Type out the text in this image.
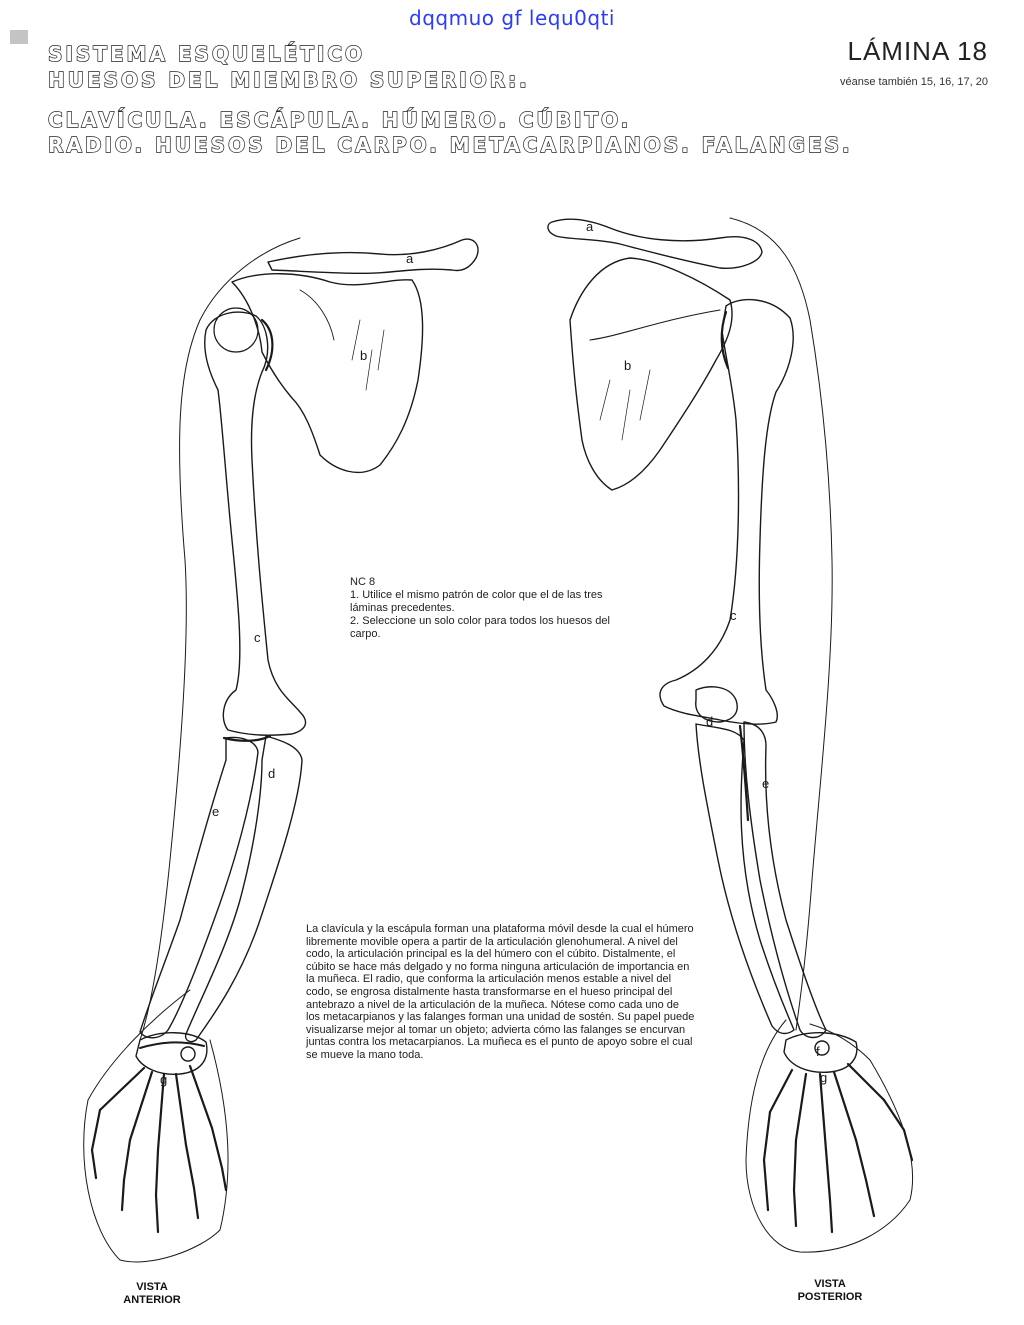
dqqmuo gf lequ0qti
SISTEMA ESQUELÉTICO
HUESOS DEL MIEMBRO SUPERIOR:.
CLAVÍCULA. ESCÁPULA. HÚMERO. CÚBITO.
RADIO. HUESOS DEL CARPO. METACARPIANOS. FALANGES.
LÁMINA 18
véanse también 15, 16, 17, 20
a
b
c
d
e
g
a
b
c
d
e
f
g
NC 8
1. Utilice el mismo patrón de color que el de las tres láminas precedentes.
2. Seleccione un solo color para todos los huesos del carpo.
La clavícula y la escápula forman una plataforma móvil desde la cual el húmero libremente movible opera a partir de la articulación glenohumeral. A nivel del codo, la articulación principal es la del húmero con el cúbito. Distalmente, el cúbito se hace más delgado y no forma ninguna articulación de importancia en la muñeca. El radio, que conforma la articulación menos estable a nivel del codo, se engrosa distalmente hasta transformarse en el hueso principal del antebrazo a nivel de la articulación de la muñeca. Nótese como cada uno de los metacarpianos y las falanges forman una unidad de sostén. Su papel puede visualizarse mejor al tomar un objeto; advierta cómo las falanges se encurvan juntas contra los metacarpianos. La muñeca es el punto de apoyo sobre el cual se mueve la mano toda.
VISTA
ANTERIOR
VISTA
POSTERIOR
